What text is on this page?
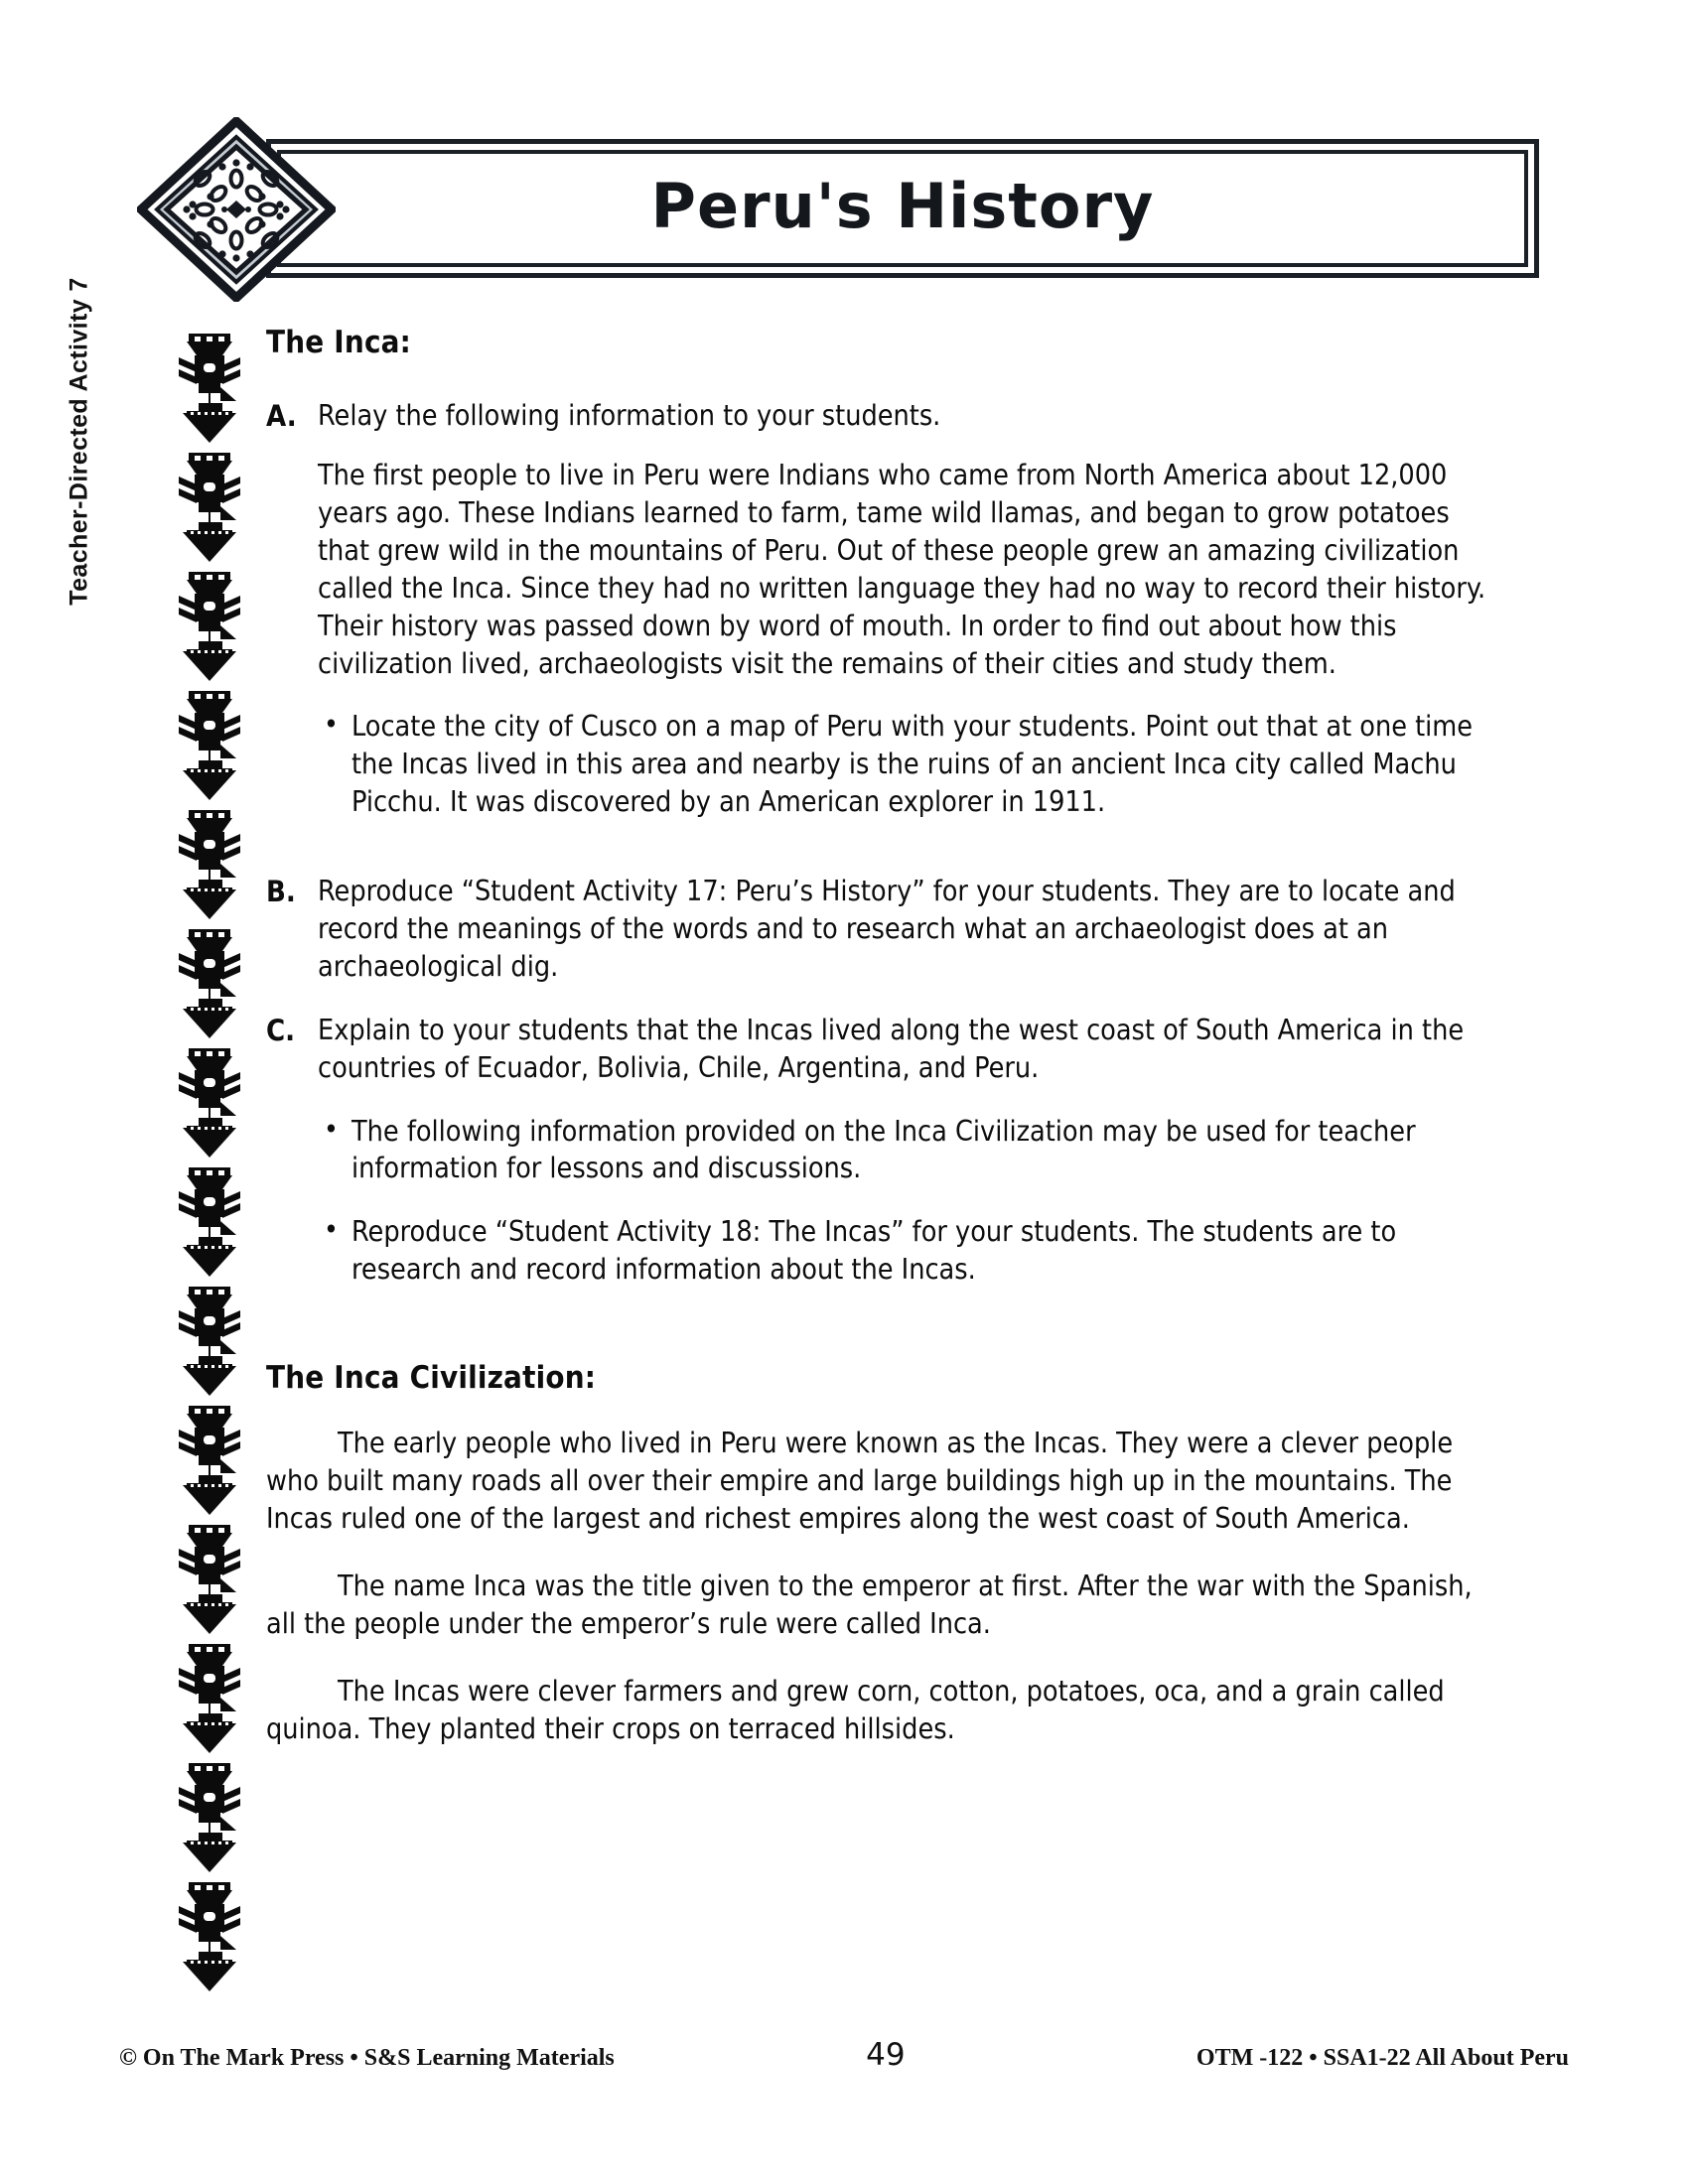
Peru's History
Teacher-Directed Activity 7	The Inca:
A. Relay the following information to your students.

The first people to live in Peru were Indians who came from North America about 12,000 years ago. These Indians learned to farm, tame wild llamas, and began to grow potatoes that grew wild in the mountains of Peru. Out of these people grew an amazing civilization called the Inca. Since they had no written language they had no way to record their history. Their history was passed down by word of mouth. In order to find out about how this civilization lived, archaeologists visit the remains of their cities and study them.

• Locate the city of Cusco on a map of Peru with your students. Point out that at one time the Incas lived in this area and nearby is the ruins of an ancient Inca city called Machu Picchu. It was discovered by an American explorer in 1911.
B. Reproduce “Student Activity 17: Peru’s History” for your students. They are to locate and record the meanings of the words and to research what an archaeologist does at an archaeological dig.

C. Explain to your students that the Incas lived along the west coast of South America in the countries of Ecuador, Bolivia, Chile, Argentina, and Peru.

• The following information provided on the Inca Civilization may be used for teacher information for lessons and discussions.
• Reproduce “Student Activity 18: The Incas” for your students. The students are to research and record information about the Incas.
The Inca Civilization:

The early people who lived in Peru were known as the Incas. They were a clever people who built many roads all over their empire and large buildings high up in the mountains. The Incas ruled one of the largest and richest empires along the west coast of South America.

The name Inca was the title given to the emperor at first. After the war with the Spanish, all the people under the emperor’s rule were called Inca.

The Incas were clever farmers and grew corn, cotton, potatoes, oca, and a grain called quinoa. They planted their crops on terraced hillsides.

© On The Mark Press • S&S Learning Materials	49	OTM -122 • SSA1-22 All About Peru
